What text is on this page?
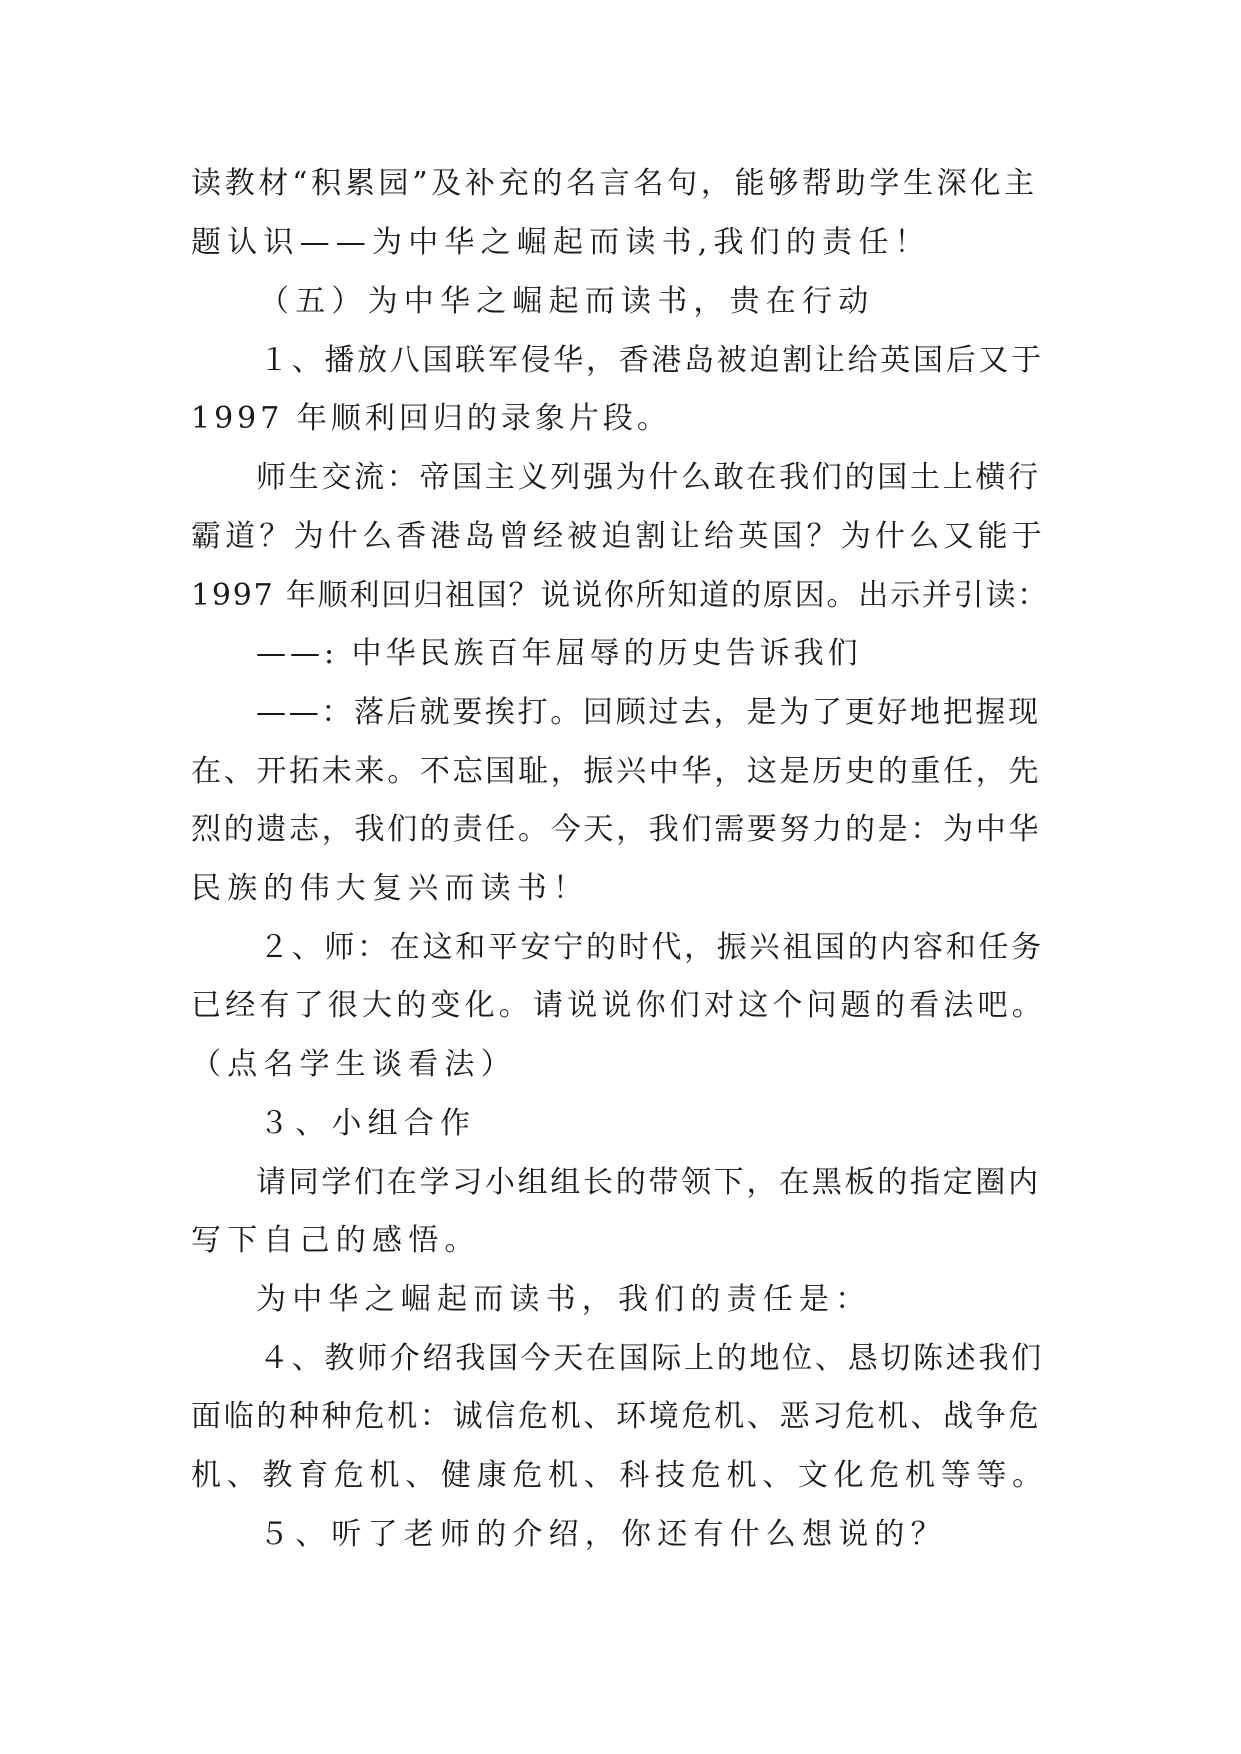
读教材“积累园”及补充的名言名句，能够帮助学生深化主
题认识——为中华之崛起而读书,我们的责任！
（五）为中华之崛起而读书，贵在行动
１、播放八国联军侵华，香港岛被迫割让给英国后又于
1997 年顺利回归的录象片段。
师生交流：帝国主义列强为什么敢在我们的国土上横行
霸道？为什么香港岛曾经被迫割让给英国？为什么又能于
1997 年顺利回归祖国？说说你所知道的原因。出示并引读：
——: 中华民族百年屈辱的历史告诉我们
——：落后就要挨打。回顾过去，是为了更好地把握现
在、开拓未来。不忘国耻，振兴中华，这是历史的重任，先
烈的遗志，我们的责任。今天，我们需要努力的是：为中华
民族的伟大复兴而读书！
２、师：在这和平安宁的时代，振兴祖国的内容和任务
已经有了很大的变化。请说说你们对这个问题的看法吧。
（点名学生谈看法）
３、小组合作
请同学们在学习小组组长的带领下，在黑板的指定圈内
写下自己的感悟。
为中华之崛起而读书，我们的责任是：
４、教师介绍我国今天在国际上的地位、恳切陈述我们
面临的种种危机：诚信危机、环境危机、恶习危机、战争危
机、教育危机、健康危机、科技危机、文化危机等等。
５、听了老师的介绍，你还有什么想说的？
